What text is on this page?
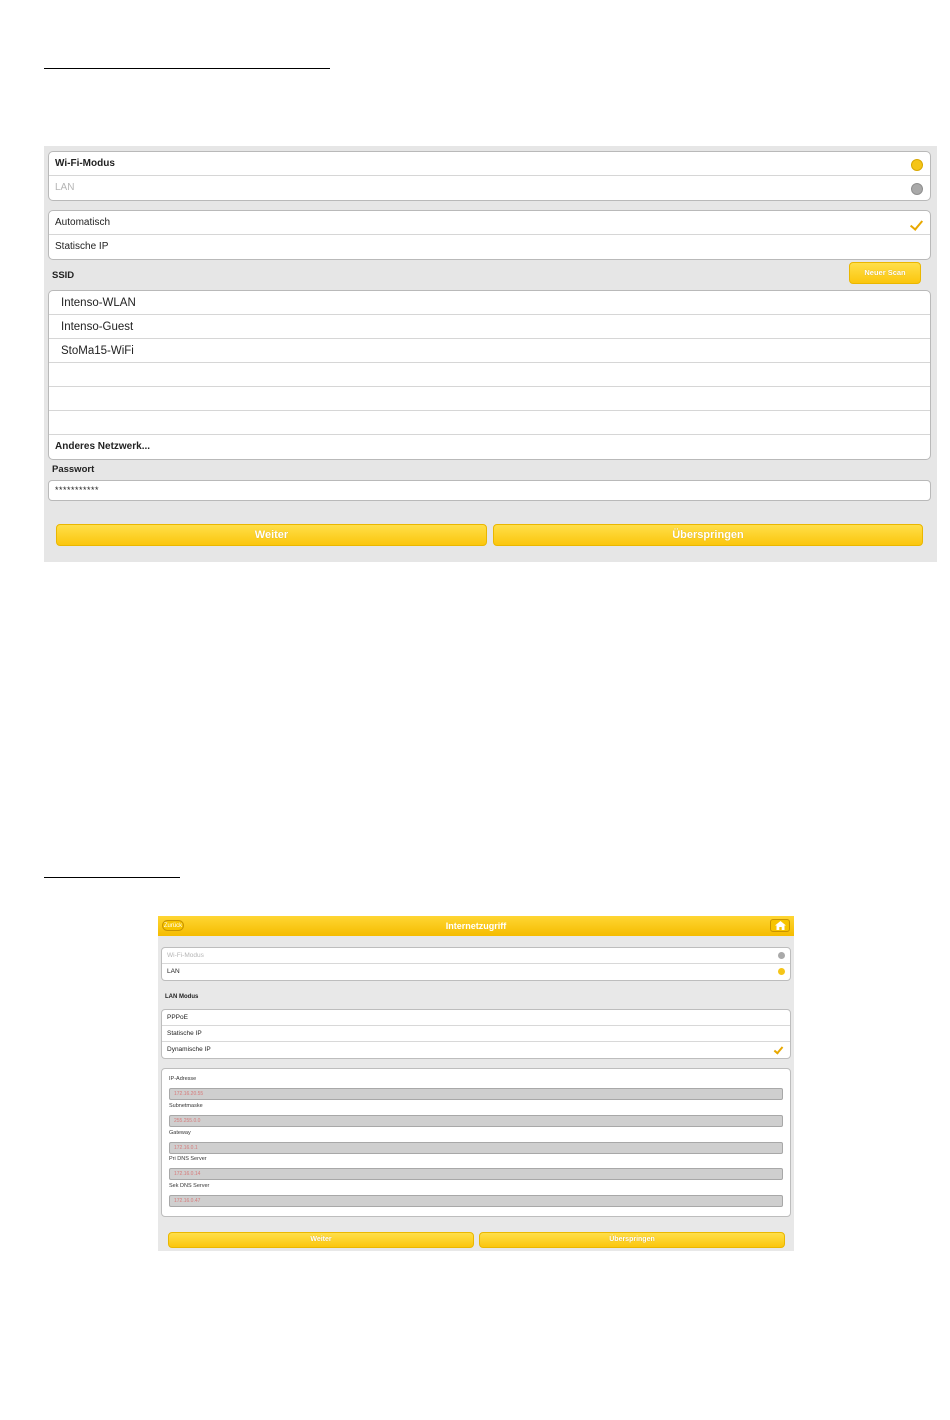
Wi-Fi-Modus
LAN
Automatisch
Statische IP
SSID	Neuer Scan
Intenso-WLAN
Intenso-Guest
StoMa15-WiFi
Anderes Netzwerk...
Passwort
***********
Weiter	Überspringen
Internetzugriff
Zurück
Wi-Fi-Modus
LAN
LAN Modus
PPPoE
Statische IP
Dynamische IP
IP-Adresse
172.16.20.55
Subnetmaske
255.255.0.0
Gateway
172.16.0.1
Pri DNS Server
172.16.0.14
Sek DNS Server
172.16.0.47
Weiter	Überspringen
